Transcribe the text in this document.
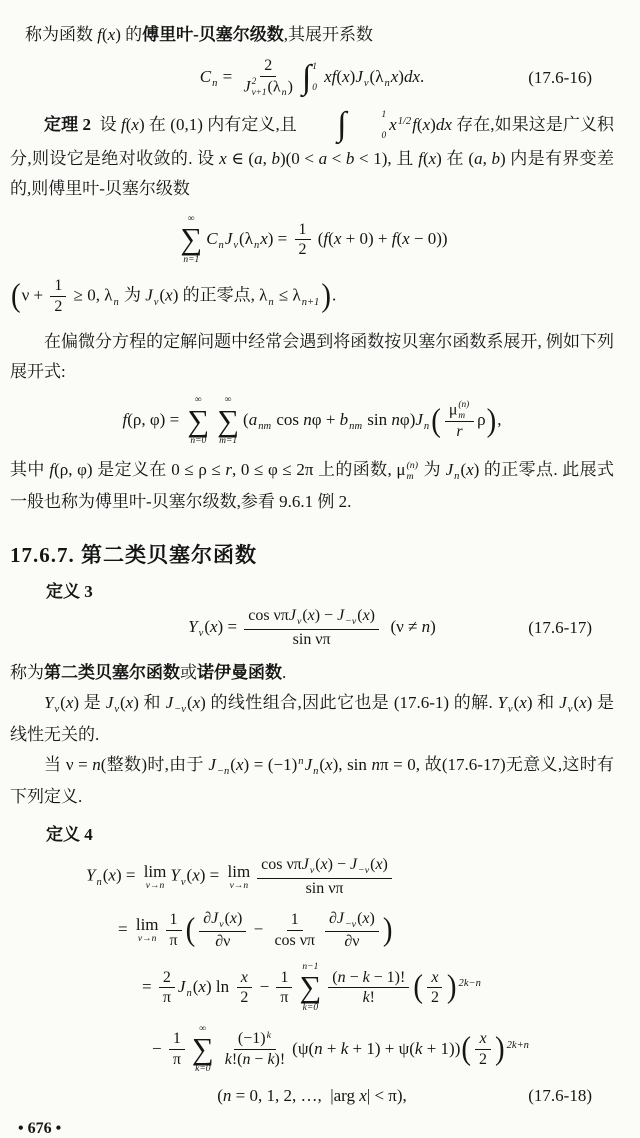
称为函数 f(x) 的傅里叶-贝塞尔级数,其展开系数

$C_n = 2$
J 2
ν+1 $(\lambda_n)$ ∫ 1
0
$xf(x)J_\nu(\lambda_nx)dx$.	(17.6-16)

定理 2  设 f(x) 在 (0,1) 内有定义,且	∫	1
0
$x^{1/2}f(x)dx$ 存在,如果这是广义积分,则设它是绝对收敛的. 设 x ∈ (a, b)(0 < a < b < 1), 且 f(x) 在 (a, b) 内是有界变差的,则傅里叶-贝塞尔级数

∞
∑
n=1
$C_nJ_\nu(\lambda_nx) = \frac{1}{2} (f(x + 0) + f(x - 0))$
($\nu + \frac{1}{2} \ge 0$, $\lambda_n$ 为 $J_\nu(x)$ 的正零点, $\lambda_n \le \lambda_{n+1}$).

在偏微分方程的定解问题中经常会遇到将函数按贝塞尔函数系展开, 例如下列展开式:

f(ρ, φ) =
∞
∑
n=0
∞
∑
m=1
($a_{nm}$ $\cos n\varphi + b_{nm}$ $\sin n\varphi)J_n$( μ (n)
m
r ρ),

其中 f(ρ, φ) 是定义在 0 ≤ ρ ≤ r, 0 ≤ φ ≤ 2π 上的函数, μ (n)
m 为 $J_n(x)$ 的正零点. 此展式一般也称为傅里叶-贝塞尔级数,参看 9.6.1 例 2.

17.6.7. 第二类贝塞尔函数
定义 3
$Y_\nu(x) = \frac{\cos \nu\pi J_\nu(x) - J_{-\nu}(x)}{\text{sin νπ}} (\nu \ne n)$	(17.6-17)

称为第二类贝塞尔函数或诺伊曼函数.

$Y_\nu(x)$ 是 $J_\nu(x)$ 和 $J_{-\nu}(x)$ 的线性组合,因此它也是 (17.6-1) 的解. $Y_\nu(x)$ 和 $J_\nu(x)$ 是线性无关的.

当 ν = n(整数)时,由于 $J_{-n}(x) = (-1)^nJ_n(x)$, sin nπ = 0, 故(17.6-17)无意义,这时有下列定义.

定义 4
$Y_n(x) = \lim$
ν→n
$Y_\nu(x) = \lim$
$\nu\to n \frac{\cos \nu\pi J_\nu(x) - J_{-\nu}(x)}{\text{sin νπ}}$
= lim
$\nu\to n \frac{1}{\pi}$ ( $\frac{\partial J_\nu(x)}{\partial\nu} - \frac{1}{\text{cos νπ}} \frac{\partial J_{-\nu}(x)}{\partial\nu}$ )
= $\frac{2}{\pi} J_n(x)$ $\ln \frac{x}{2} - \frac{1}{\pi}$
n−1
∑
$k=0 \frac{(n - k - 1)!}{k!}$ ( $\frac{x}{2}$ ) $^{2k-n}$
− $\frac{1}{\pi}$
∞
∑
$k=0 \frac{(-1)^k}{k!(n - k)!} (\psi(n + k + 1) + \psi(k + 1))( \frac{x}{2}$ ) $^{2k+n}$
(n = 0, 1, 2, …,  |arg x| < π),	(17.6-18)
• 676 •
